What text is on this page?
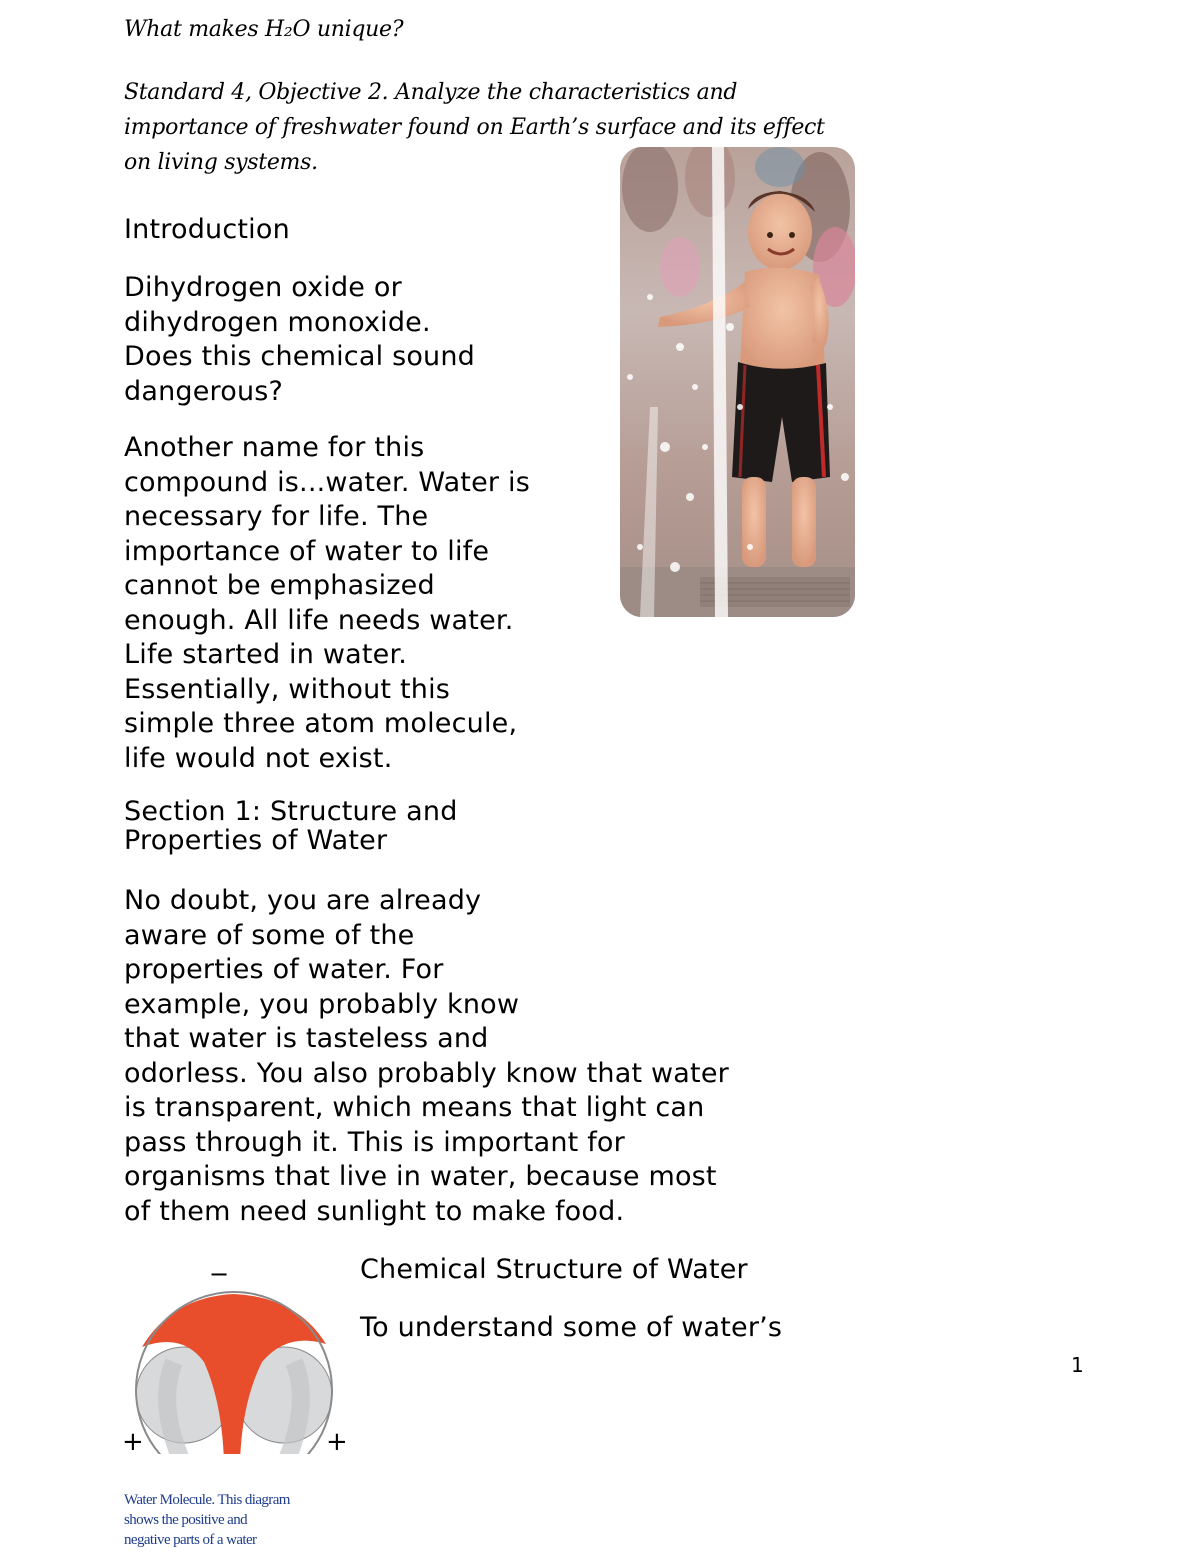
What makes H₂O unique?
Standard 4, Objective 2. Analyze the characteristics and
importance of freshwater found on Earth’s surface and its effect
on living systems.
Introduction
Dihydrogen oxide or
dihydrogen monoxide.
Does this chemical sound
dangerous?
Another name for this
compound is...water. Water is
necessary for life. The
importance of water to life
cannot be emphasized
enough. All life needs water.
Life started in water.
Essentially, without this
simple three atom molecule,
life would not exist.
Section 1: Structure and
Properties of Water
No doubt, you are already
aware of some of the
properties of water. For
example, you probably know
that water is tasteless and
odorless. You also probably know that water
is transparent, which means that light can
pass through it. This is important for
organisms that live in water, because most
of them need sunlight to make food.
Chemical Structure of Water
To understand some of water’s
−
+	+
Water Molecule. This diagram
shows the positive and
negative parts of a water
1
